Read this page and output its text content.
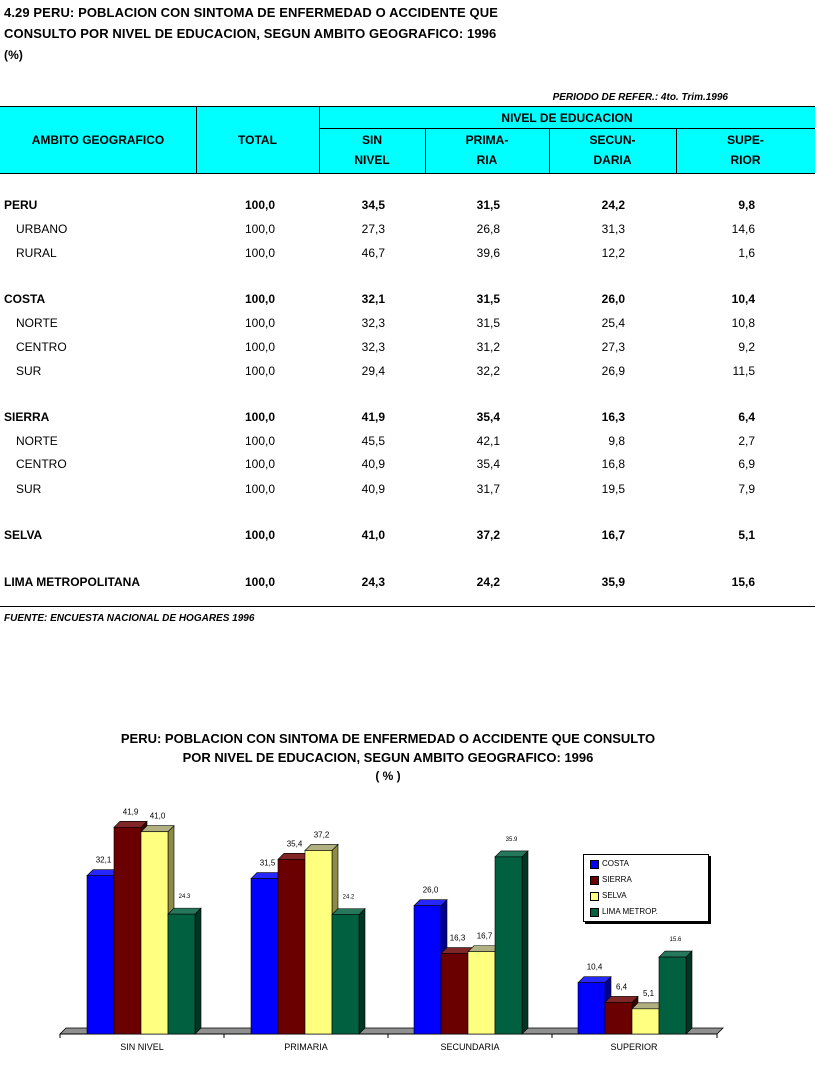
4.29 PERU: POBLACION CON SINTOMA DE ENFERMEDAD O ACCIDENTE QUE
CONSULTO POR NIVEL DE EDUCACION, SEGUN AMBITO GEOGRAFICO: 1996
(%)
PERIODO DE REFER.: 4to. Trim.1996
AMBITO GEOGRAFICO	TOTAL
NIVEL DE EDUCACION
SIN
NIVEL
PRIMA-
RIA
SECUN-
DARIA
SUPE-
RIOR
PERU	100,0	34,5	31,5	24,2	9,8
URBANO	100,0	27,3	26,8	31,3	14,6
RURAL	100,0	46,7	39,6	12,2	1,6
COSTA	100,0	32,1	31,5	26,0	10,4
NORTE	100,0	32,3	31,5	25,4	10,8
CENTRO	100,0	32,3	31,2	27,3	9,2
SUR	100,0	29,4	32,2	26,9	11,5
SIERRA	100,0	41,9	35,4	16,3	6,4
NORTE	100,0	45,5	42,1	9,8	2,7
CENTRO	100,0	40,9	35,4	16,8	6,9
SUR	100,0	40,9	31,7	19,5	7,9
SELVA	100,0	41,0	37,2	16,7	5,1
LIMA METROPOLITANA	100,0	24,3	24,2	35,9	15,6
FUENTE: ENCUESTA NACIONAL DE HOGARES 1996
PERU: POBLACION CON SINTOMA DE ENFERMEDAD O ACCIDENTE QUE CONSULTO
POR NIVEL DE EDUCACION, SEGUN AMBITO GEOGRAFICO: 1996
( % )
SIN NIVEL	PRIMARIA	SECUNDARIA	SUPERIOR
32,1	31,5
26,0
10,4
41,9
35,4
16,3
6,4
41,0
37,2
16,7
5,1
24.3	24.2
35.9
15.6
COSTA
SIERRA
SELVA
LIMA METROP.
